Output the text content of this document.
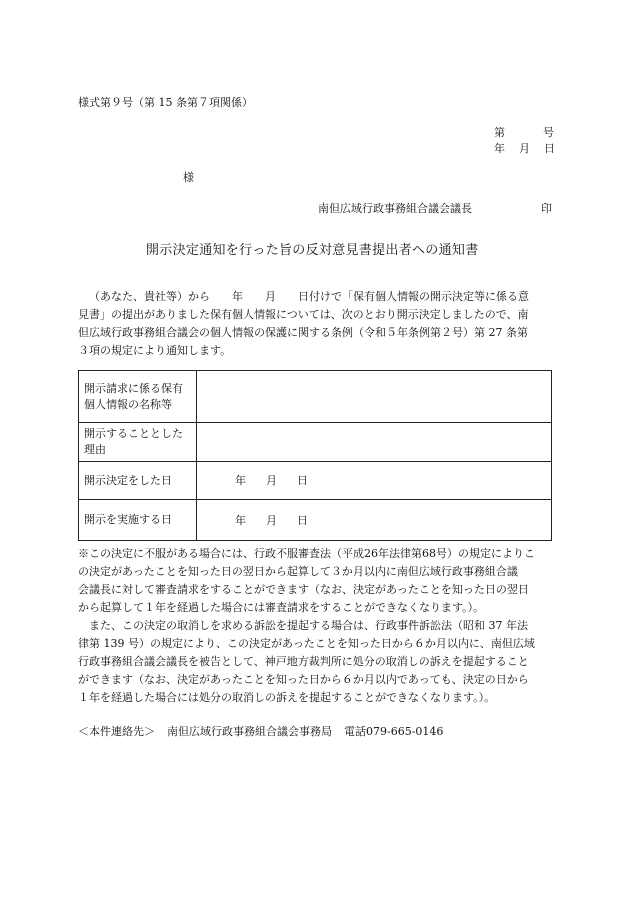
様式第９号（第 15 条第７項関係）
第	号
年 月 日
様
南但広域行政事務組合議会議長	印
開示決定通知を行った旨の反対意見書提出者への通知書
（あなた、貴社等）から　　年　　月　　日付けで「保有個人情報の開示決定等に係る意
見書」の提出がありました保有個人情報については、次のとおり開示決定しましたので、南
但広域行政事務組合議会の個人情報の保護に関する条例（令和５年条例第２号）第 27 条第
３項の規定により通知します。
開示請求に係る保有個人情報の名称等	
開示することとした理由	
開示決定をした日	年 月 日
開示を実施する日	年 月 日
※この決定に不服がある場合には、行政不服審査法（平成26年法律第68号）の規定によりこ
の決定があったことを知った日の翌日から起算して３か月以内に南但広域行政事務組合議
会議長に対して審査請求をすることができます（なお、決定があったことを知った日の翌日
から起算して１年を経過した場合には審査請求をすることができなくなります。）。
　また、この決定の取消しを求める訴訟を提起する場合は、行政事件訴訟法（昭和 37 年法
律第 139 号）の規定により、この決定があったことを知った日から６か月以内に、南但広域
行政事務組合議会議長を被告として、神戸地方裁判所に処分の取消しの訴えを提起すること
ができます（なお、決定があったことを知った日から６か月以内であっても、決定の日から
１年を経過した場合には処分の取消しの訴えを提起することができなくなります。）。
＜本件連絡先＞ 南但広域行政事務組合議会事務局 電話079-665-0146
